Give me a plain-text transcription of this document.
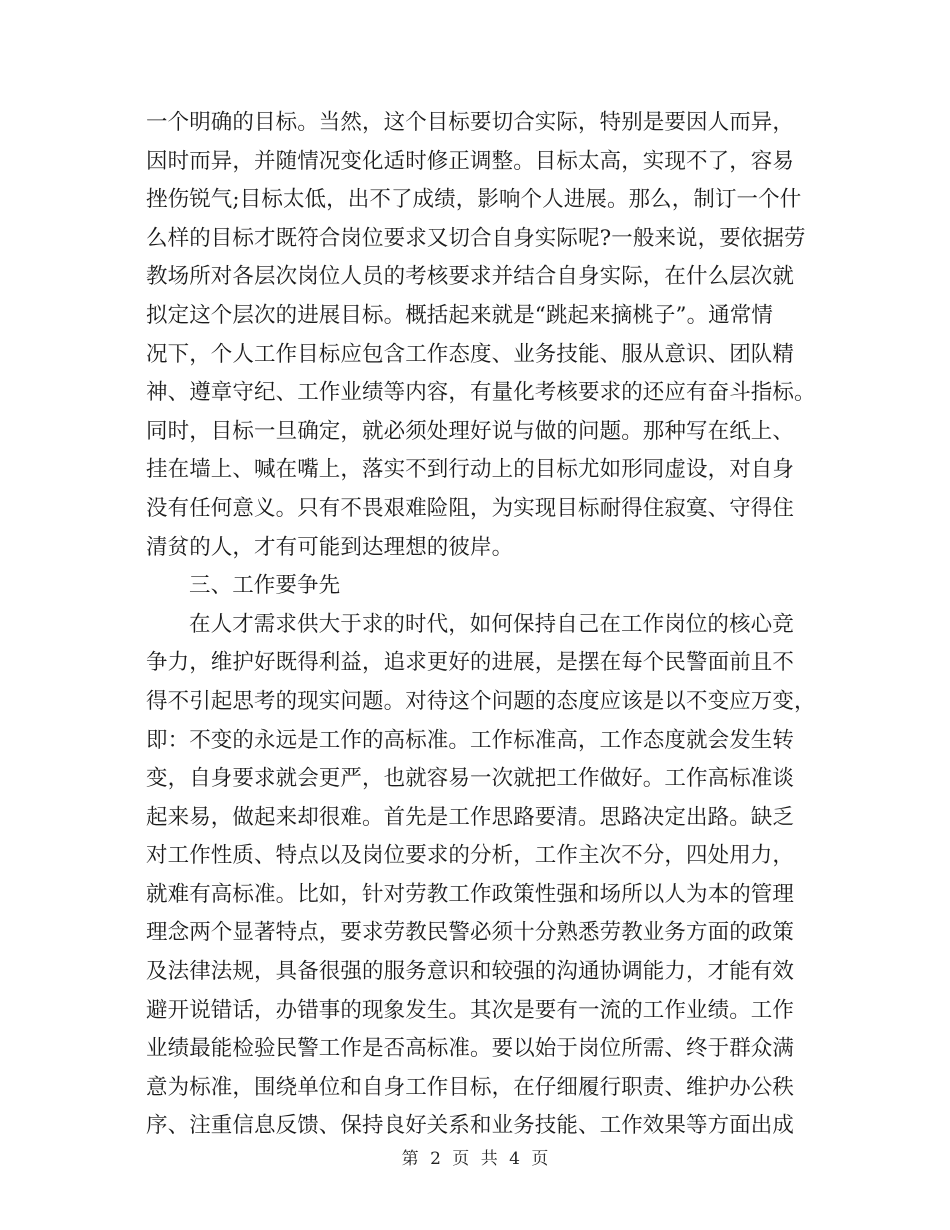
一个明确的目标。当然，这个目标要切合实际，特别是要因人而异，
因时而异，并随情况变化适时修正调整。目标太高，实现不了，容易
挫伤锐气;目标太低，出不了成绩，影响个人进展。那么，制订一个什
么样的目标才既符合岗位要求又切合自身实际呢?一般来说，要依据劳
教场所对各层次岗位人员的考核要求并结合自身实际，在什么层次就
拟定这个层次的进展目标。概括起来就是“跳起来摘桃子”。通常情
况下，个人工作目标应包含工作态度、业务技能、服从意识、团队精
神、遵章守纪、工作业绩等内容，有量化考核要求的还应有奋斗指标。
同时，目标一旦确定，就必须处理好说与做的问题。那种写在纸上、
挂在墙上、喊在嘴上，落实不到行动上的目标尤如形同虚设，对自身
没有任何意义。只有不畏艰难险阻，为实现目标耐得住寂寞、守得住
清贫的人，才有可能到达理想的彼岸。
三、工作要争先
在人才需求供大于求的时代，如何保持自己在工作岗位的核心竞
争力，维护好既得利益，追求更好的进展，是摆在每个民警面前且不
得不引起思考的现实问题。对待这个问题的态度应该是以不变应万变，
即：不变的永远是工作的高标准。工作标准高，工作态度就会发生转
变，自身要求就会更严，也就容易一次就把工作做好。工作高标准谈
起来易，做起来却很难。首先是工作思路要清。思路决定出路。缺乏
对工作性质、特点以及岗位要求的分析，工作主次不分，四处用力，
就难有高标准。比如，针对劳教工作政策性强和场所以人为本的管理
理念两个显著特点，要求劳教民警必须十分熟悉劳教业务方面的政策
及法律法规，具备很强的服务意识和较强的沟通协调能力，才能有效
避开说错话，办错事的现象发生。其次是要有一流的工作业绩。工作
业绩最能检验民警工作是否高标准。要以始于岗位所需、终于群众满
意为标准，围绕单位和自身工作目标，在仔细履行职责、维护办公秩
序、注重信息反馈、保持良好关系和业务技能、工作效果等方面出成
第 2 页 共 4 页
